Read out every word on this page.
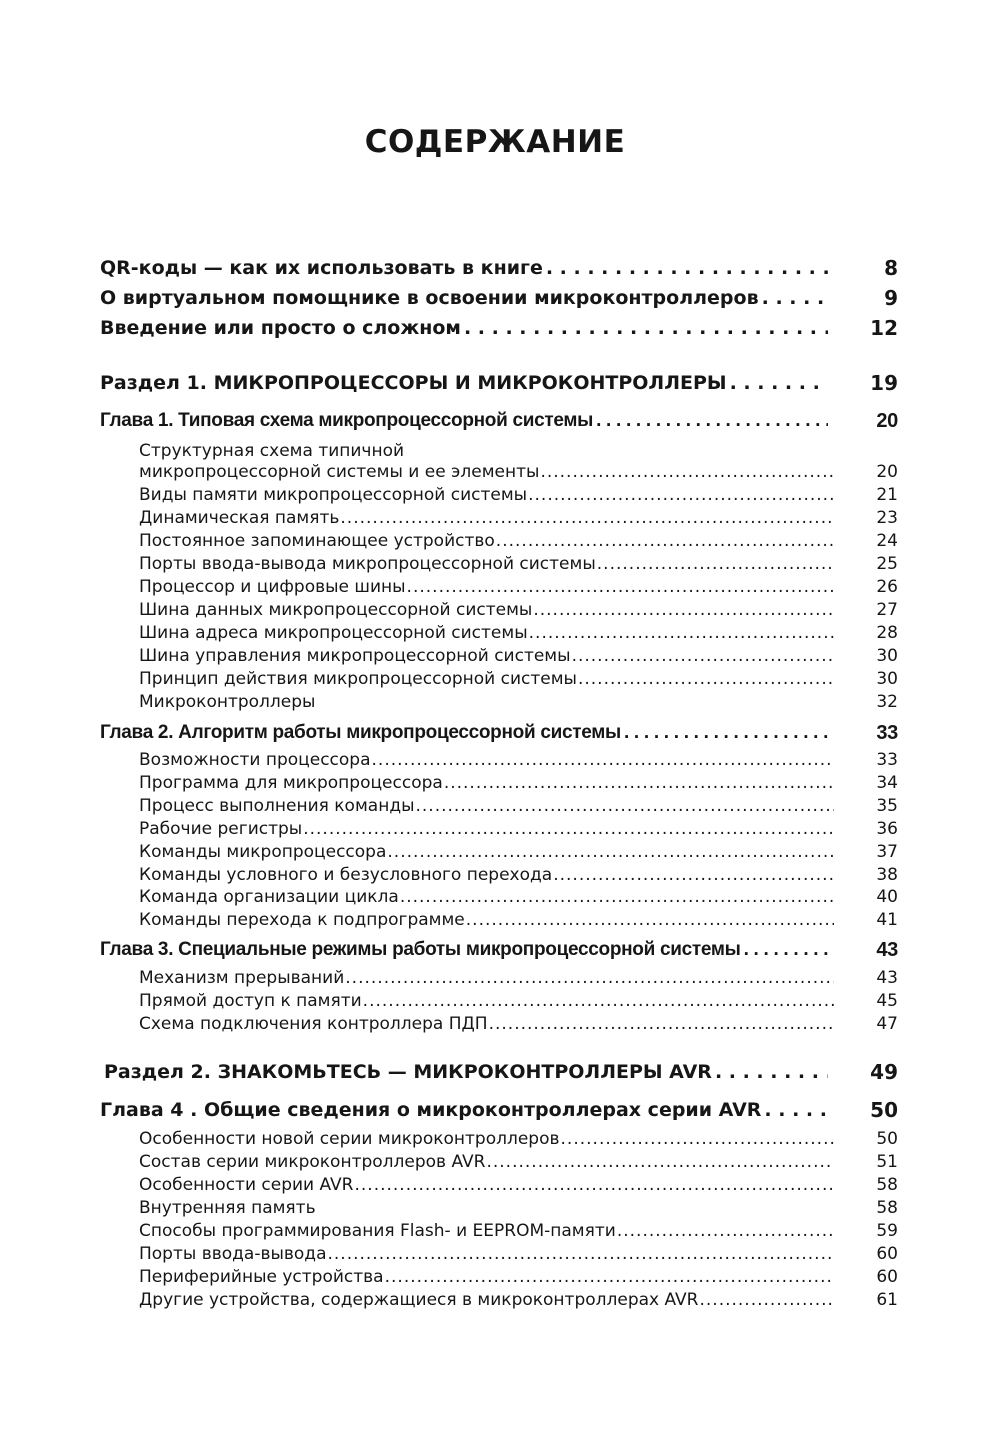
СОДЕРЖАНИЕ
QR-коды — как их использовать в книге . . .	8
О виртуальном помощнике в освоении микроконтроллеров . . .	9
Введение или просто о сложном . . .	12
Раздел 1. МИКРОПРОЦЕССОРЫ И МИКРОКОНТРОЛЛЕРЫ . . .	19
Глава 1. Типовая схема микропроцессорной системы . . .	20
Структурная схема типичной
микропроцессорной системы и ее элементы .....	20
Виды памяти микропроцессорной системы .....	21
Динамическая память .....	23
Постоянное запоминающее устройство .....	24
Порты ввода-вывода микропроцессорной системы .....	25
Процессор и цифровые шины .....	26
Шина данных микропроцессорной системы .....	27
Шина адреса микропроцессорной системы .....	28
Шина управления микропроцессорной системы .....	30
Принцип действия микропроцессорной системы .....	30
Микроконтроллеры	32
Глава 2. Алгоритм работы микропроцессорной системы . . .	33
Возможности процессора .....	33
Программа для микропроцессора .....	34
Процесс выполнения команды .....	35
Рабочие регистры .....	36
Команды микропроцессора .....	37
Команды условного и безусловного перехода .....	38
Команда организации цикла .....	40
Команды перехода к подпрограмме .....	41
Глава 3. Специальные режимы работы микропроцессорной системы . . .	43
Механизм прерываний .....	43
Прямой доступ к памяти .....	45
Схема подключения контроллера ПДП .....	47
Раздел 2. ЗНАКОМЬТЕСЬ — МИКРОКОНТРОЛЛЕРЫ AVR . . .	49
Глава 4 . Общие сведения о микроконтроллерах серии AVR . . .	50
Особенности новой серии микроконтроллеров .....	50
Состав серии микроконтроллеров AVR .....	51
Особенности серии AVR .....	58
Внутренняя память	58
Способы программирования Flash- и EEPROM-памяти .....	59
Порты ввода-вывода .....	60
Периферийные устройства .....	60
Другие устройства, содержащиеся в микроконтроллерах AVR .....	61
